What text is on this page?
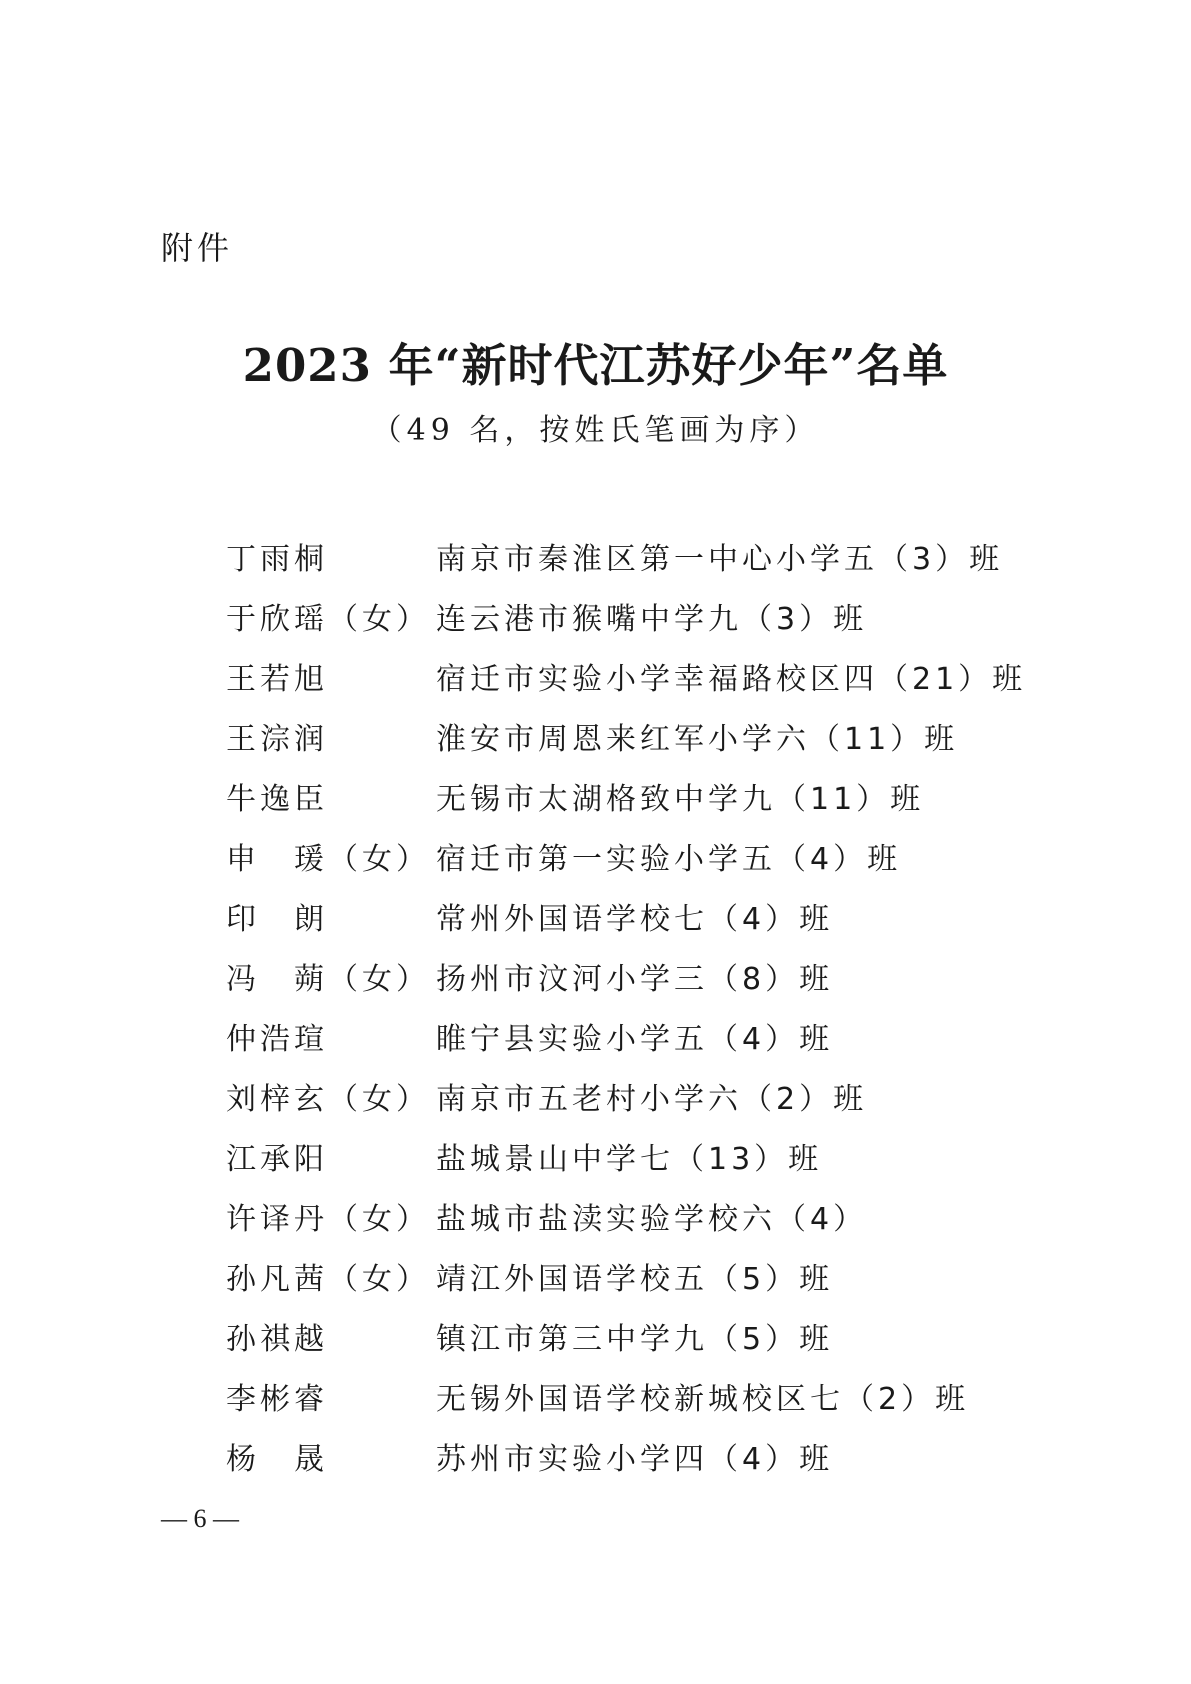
附件
2023 年“新时代江苏好少年”名单
（49 名，按姓氏笔画为序）
丁雨桐	南京市秦淮区第一中心小学五（3）班
于欣瑶（女） 连云港市猴嘴中学九（3）班
王若旭	宿迁市实验小学幸福路校区四（21）班
王淙润	淮安市周恩来红军小学六（11）班
牛逸臣	无锡市太湖格致中学九（11）班
申　瑗（女） 宿迁市第一实验小学五（4）班
印　朗	常州外国语学校七（4）班
冯　蒴（女） 扬州市汶河小学三（8）班
仲浩瑄	睢宁县实验小学五（4）班
刘梓玄（女） 南京市五老村小学六（2）班
江承阳	盐城景山中学七（13）班
许译丹（女） 盐城市盐渎实验学校六（4）
孙凡茜（女） 靖江外国语学校五（5）班
孙祺越	镇江市第三中学九（5）班
李彬睿	无锡外国语学校新城校区七（2）班
杨　晟	苏州市实验小学四（4）班
— 6 —
